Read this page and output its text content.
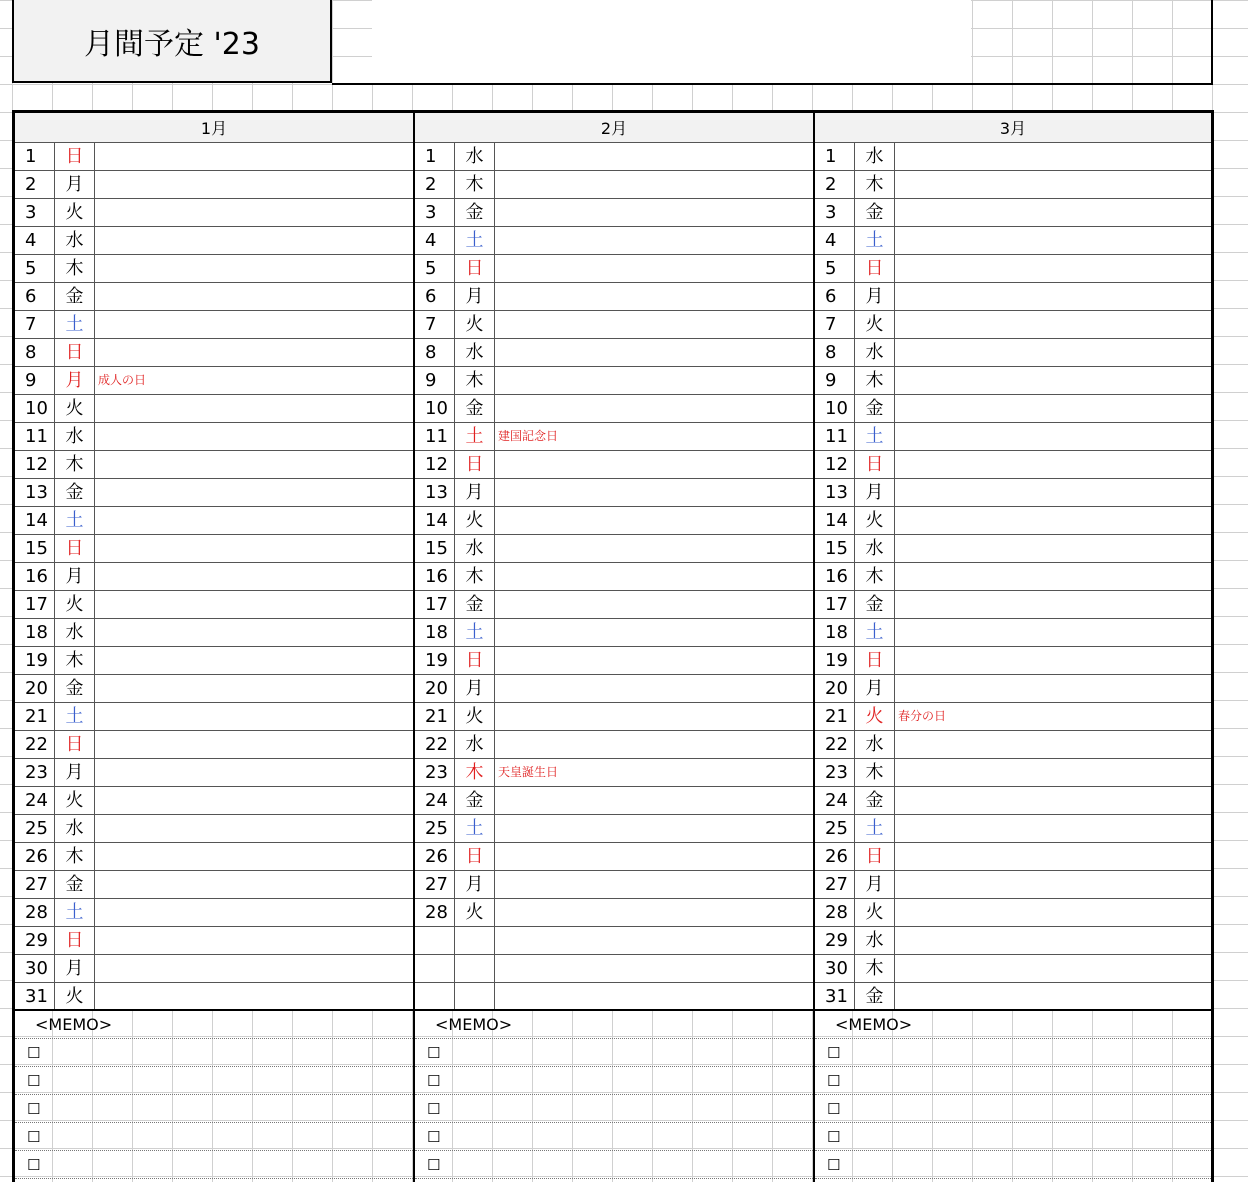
月間予定 '23
1月
1	日
2	月
3	火
4	水
5	木
6	金
7	土
8	日
9	月	成人の日
10 火
11 水
12 木
13 金
14 土
15 日
16 月
17 火
18 水
19 木
20 金
21 土
22 日
23 月
24 火
25 水
26 木
27 金
28 土
29 日
30 月
31 火
<MEMO>
☐
☐
☐
☐
☐
2月
1	水
2	木
3	金
4	土
5	日
6	月
7	火
8	水
9	木
10 金
11 土	建国記念日
12 日
13 月
14 火
15 水
16 木
17 金
18 土
19 日
20 月
21 火
22 水
23 木	天皇誕生日
24 金
25 土
26 日
27 月
28 火
<MEMO>
☐
☐
☐
☐
☐
3月
1	水
2	木
3	金
4	土
5	日
6	月
7	火
8	水
9	木
10 金
11 土
12 日
13 月
14 火
15 水
16 木
17 金
18 土
19 日
20 月
21 火	春分の日
22 水
23 木
24 金
25 土
26 日
27 月
28 火
29 水
30 木
31 金
<MEMO>
☐
☐
☐
☐
☐
